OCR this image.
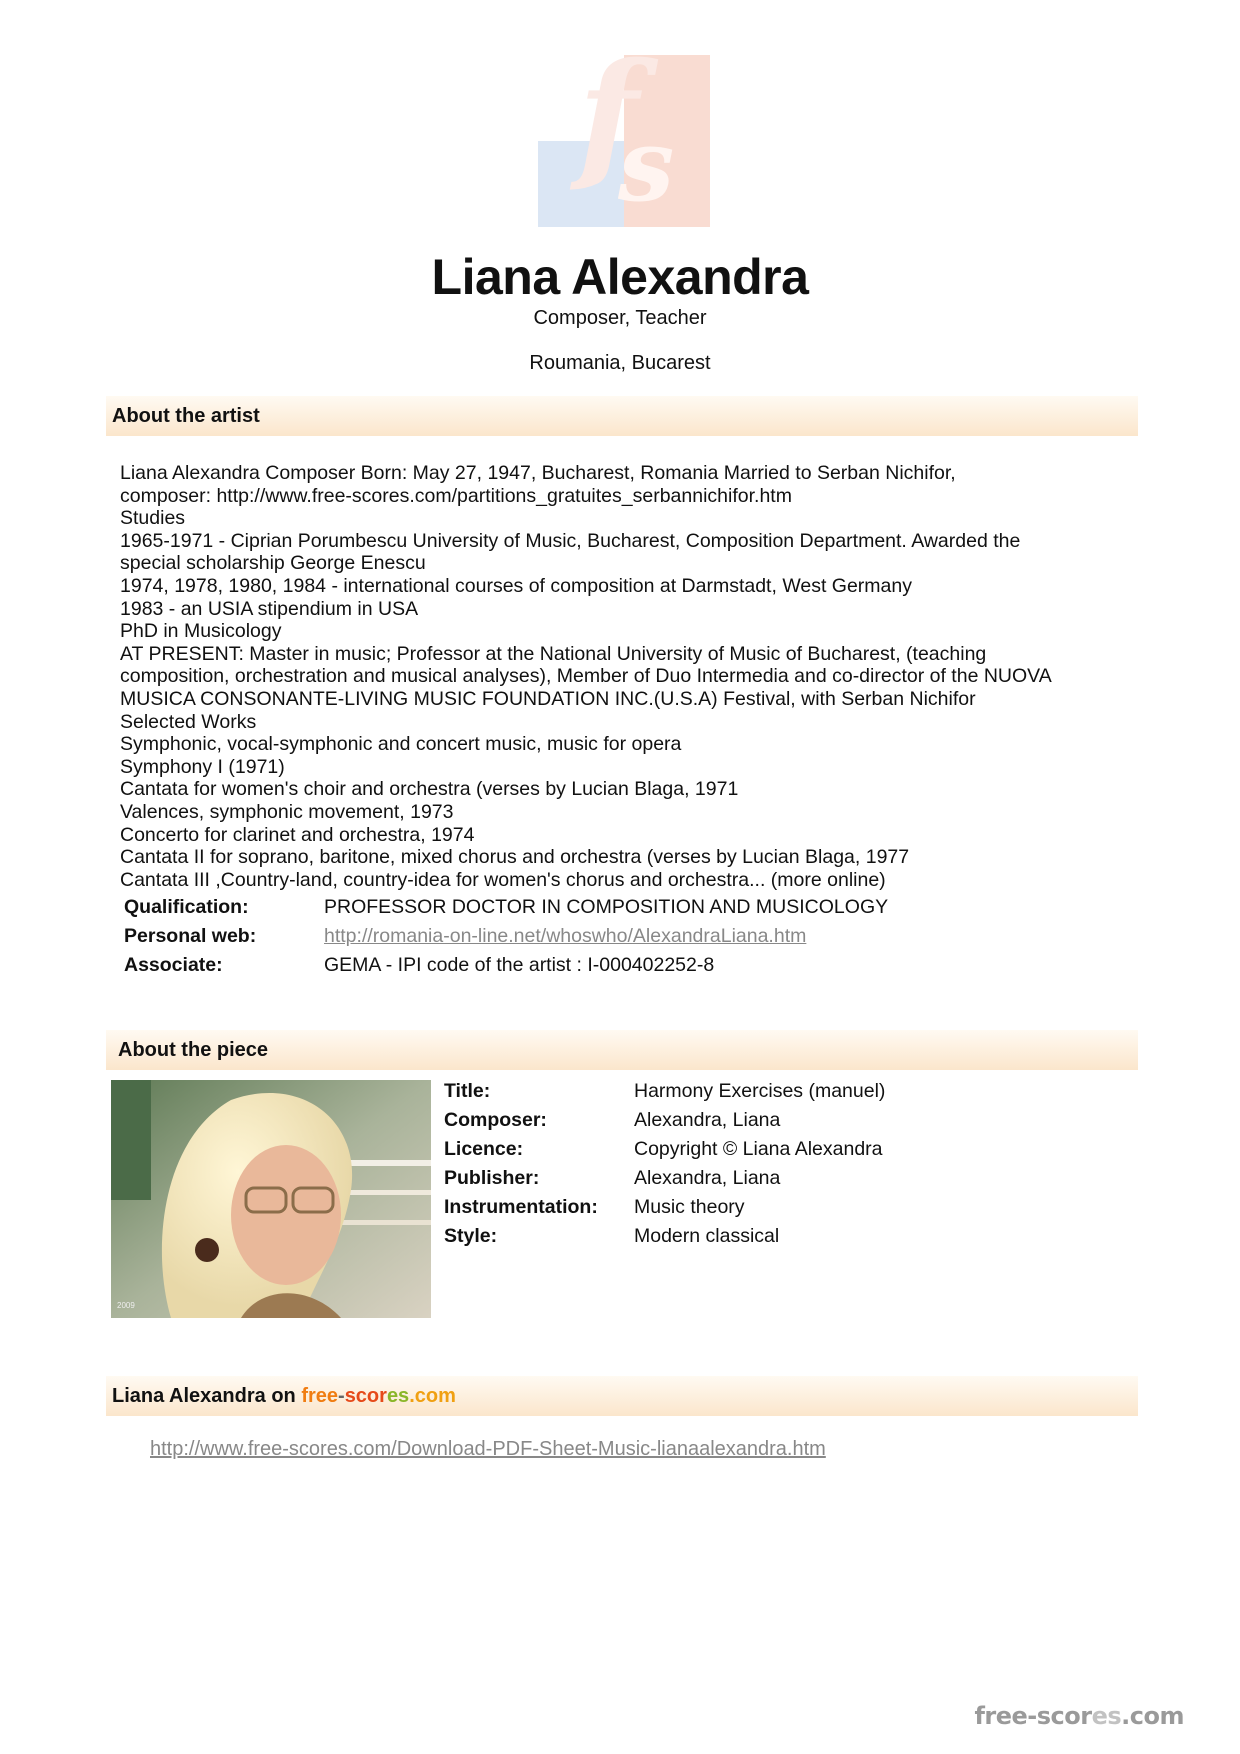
f
s
Liana Alexandra
Composer, Teacher
Roumania, Bucarest
About the artist
Liana Alexandra Composer Born: May 27, 1947, Bucharest, Romania Married to Serban Nichifor,
composer: http://www.free-scores.com/partitions_gratuites_serbannichifor.htm
Studies
1965-1971 - Ciprian Porumbescu University of Music, Bucharest, Composition Department. Awarded the
special scholarship George Enescu
1974, 1978, 1980, 1984 - international courses of composition at Darmstadt, West Germany
1983 - an USIA stipendium in USA
PhD in Musicology
AT PRESENT: Master in music; Professor at the National University of Music of Bucharest, (teaching
composition, orchestration and musical analyses), Member of Duo Intermedia and co-director of the NUOVA
MUSICA CONSONANTE-LIVING MUSIC FOUNDATION INC.(U.S.A) Festival, with Serban Nichifor
Selected Works
Symphonic, vocal-symphonic and concert music, music for opera
Symphony I (1971)
Cantata for women's choir and orchestra (verses by Lucian Blaga, 1971
Valences, symphonic movement, 1973
Concerto for clarinet and orchestra, 1974
Cantata II for soprano, baritone, mixed chorus and orchestra (verses by Lucian Blaga, 1977
Cantata III ,Country-land, country-idea for women's chorus and orchestra... (more online)
Qualification:	PROFESSOR DOCTOR IN COMPOSITION AND MUSICOLOGY
Personal web:	http://romania-on-line.net/whoswho/AlexandraLiana.htm
Associate:	GEMA - IPI code of the artist : I-000402252-8
About the piece
2009
Title:	Harmony Exercises (manuel)
Composer:	Alexandra, Liana
Licence:	Copyright © Liana Alexandra
Publisher:	Alexandra, Liana
Instrumentation: Music theory
Style:	Modern classical
Liana Alexandra on free-scores.com
http://www.free-scores.com/Download-PDF-Sheet-Music-lianaalexandra.htm
free-scores.com
